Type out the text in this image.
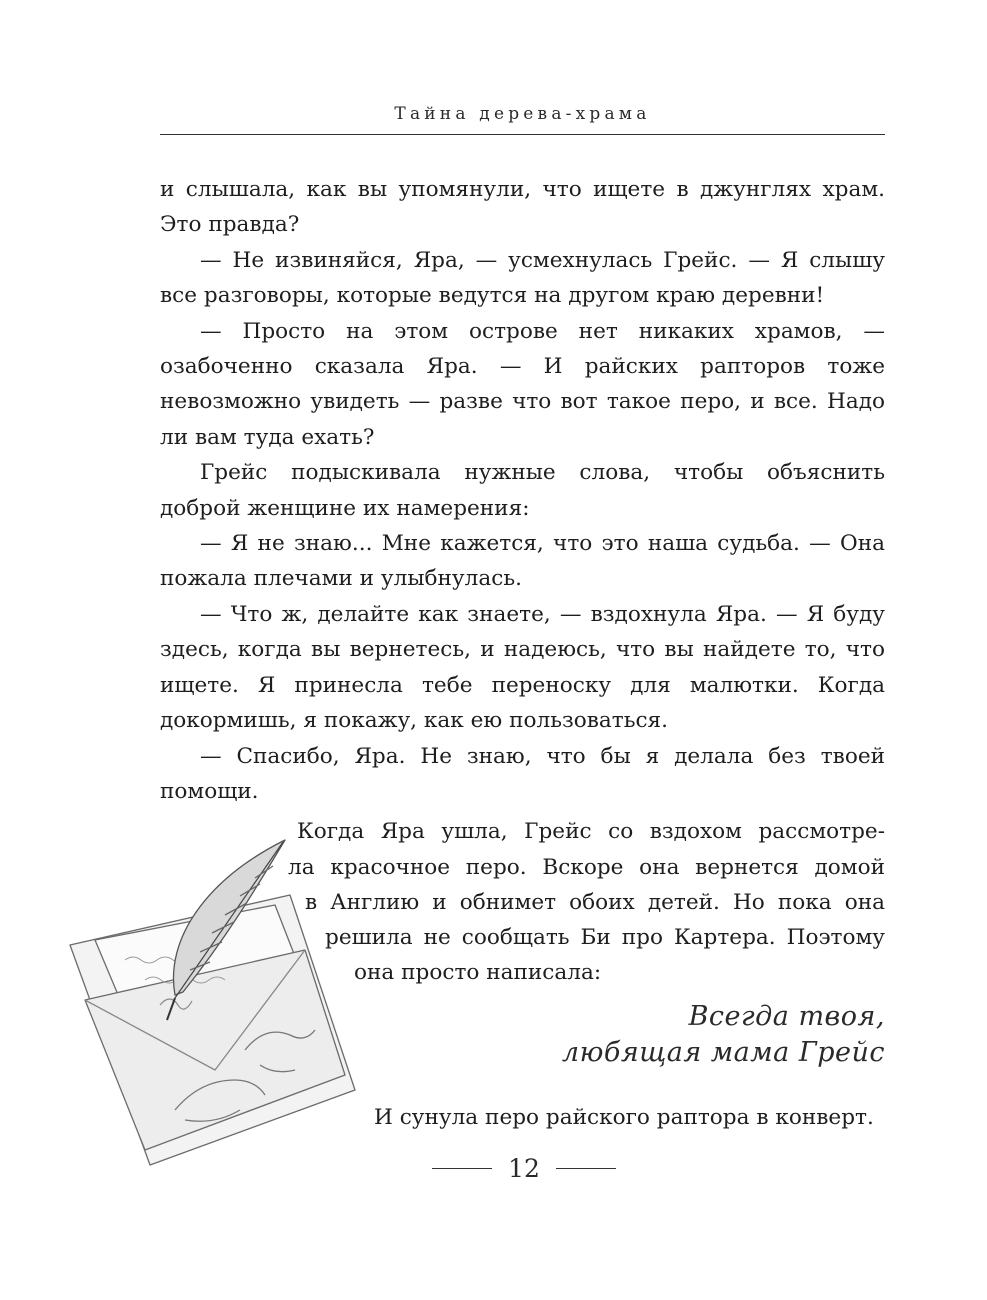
Тайна дерева-храма

и слышала, как вы упомянули, что ищете в джунглях храм. Это правда?

— Не извиняйся, Яра, — усмехнулась Грейс. — Я слышу все разговоры, которые ведутся на другом краю деревни!

— Просто на этом острове нет никаких храмов, — озабоченно сказала Яра. — И райских рапторов тоже невозможно увидеть — разве что вот такое перо, и все. Надо ли вам туда ехать?

Грейс подыскивала нужные слова, чтобы объяснить доброй женщине их намерения:

— Я не знаю... Мне кажется, что это наша судьба. — Она пожала плечами и улыбнулась.

— Что ж, делайте как знаете, — вздохнула Яра. — Я буду здесь, когда вы вернетесь, и надеюсь, что вы найдете то, что ищете. Я принесла тебе переноску для малютки. Когда докормишь, я покажу, как ею пользоваться.

— Спасибо, Яра. Не знаю, что бы я делала без твоей помощи.

Когда Яра ушла, Грейс со вздохом рассмотре-
ла красочное перо. Вскоре она вернется домой
в Англию и обнимет обоих детей. Но пока она
решила не сообщать Би про Картера. Поэтому
она просто написала:
Всегда твоя,
любящая мама Грейс
И сунула перо райского раптора в конверт.
12
